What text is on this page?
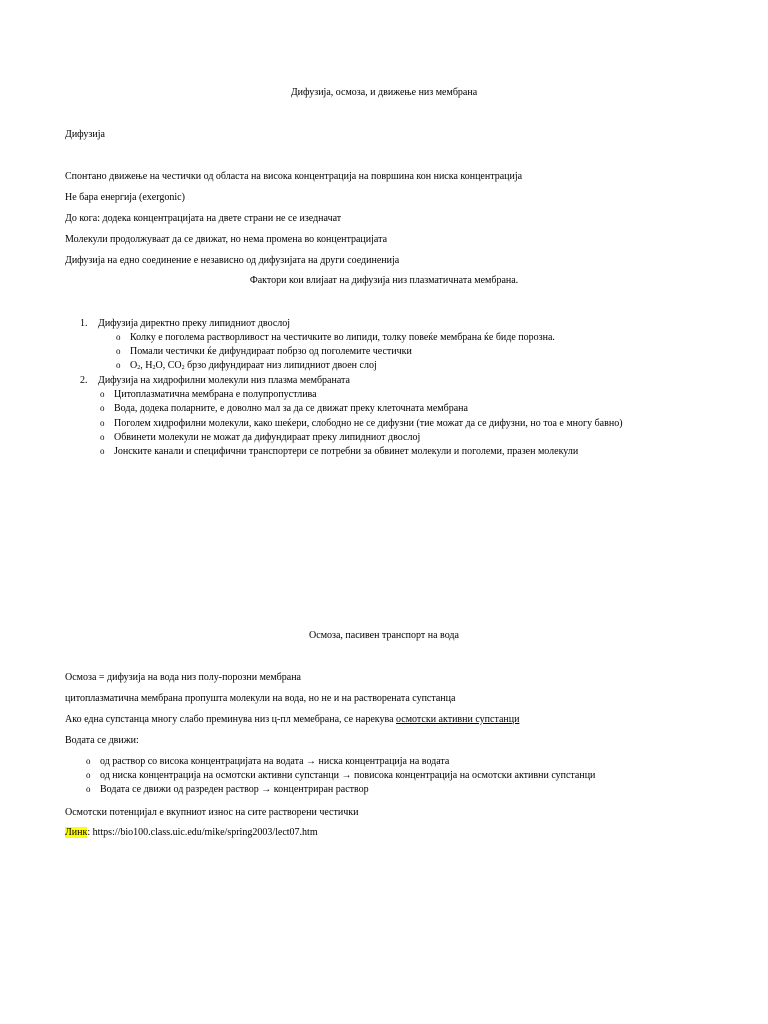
Дифузија, осмоза, и движење низ мембрана
Дифузија
Спонтано движење на честички од областа на висока концентрација на површина кон ниска концентрација
Не бара енергија (exergonic)
До кога: додека концентрациjата на двете страни не се изедначат
Молекули продолжуваат да се движат, но нема промена во концентрацијата
Дифузија на едно соединение е независно од дифузијата на други соединенија
Фактори кои влијаат на дифузија низ плазматичната мембрана.
1. Дифузија директно преку липидниот двослој
o Колку е поголема растворливост на честичките во липиди, толку повеќе мембрана ќе биде порозна.
o Помали честички ќе дифундираат побрзо од поголемите честички
o $O_2$, $H_2O$, $CO_2$ брзо дифундираат низ липидниот двоен слој
2. Дифузија на хидрофилни молекули низ плазма мембраната
o Цитоплазматична мембрана е полупропустлива
o Вода, додека поларните, е доволно мал за да се движат преку клеточната мембрана
o Поголем хидрофилни молекули, како шеќери, слободно не се дифузни (тие можат да се дифузни, но тоа е многу бавно)
o Обвинети молекули не можат да дифундираат преку липидниот двослој
o Јонските канали и специфични транспортери се потребни за обвинет молекули и поголеми, празен молекули
Осмоза, пасивен транспорт на вода
Осмоза = дифузија на вода низ полу-порозни мембрана
цитоплазматична мембрана пропушта молекули на вода, но не и на растворената супстанца
Ако една супстанца многу слабо преминува низ ц-пл мемебрана, се нарекува осмотски активни супстанци
Водата се движи:
o од раствор со висока концентрацијата на водата → ниска концентрација на водата
o од ниска концентрација на осмотски активни супстанци → повисока концентрација на осмотски активни супстанци
o Водата се движи од разреден раствор → концентриран раствор
Осмотски потенцијал е вкупниот износ на сите растворени честички
Линк: https://bio100.class.uic.edu/mike/spring2003/lect07.htm
